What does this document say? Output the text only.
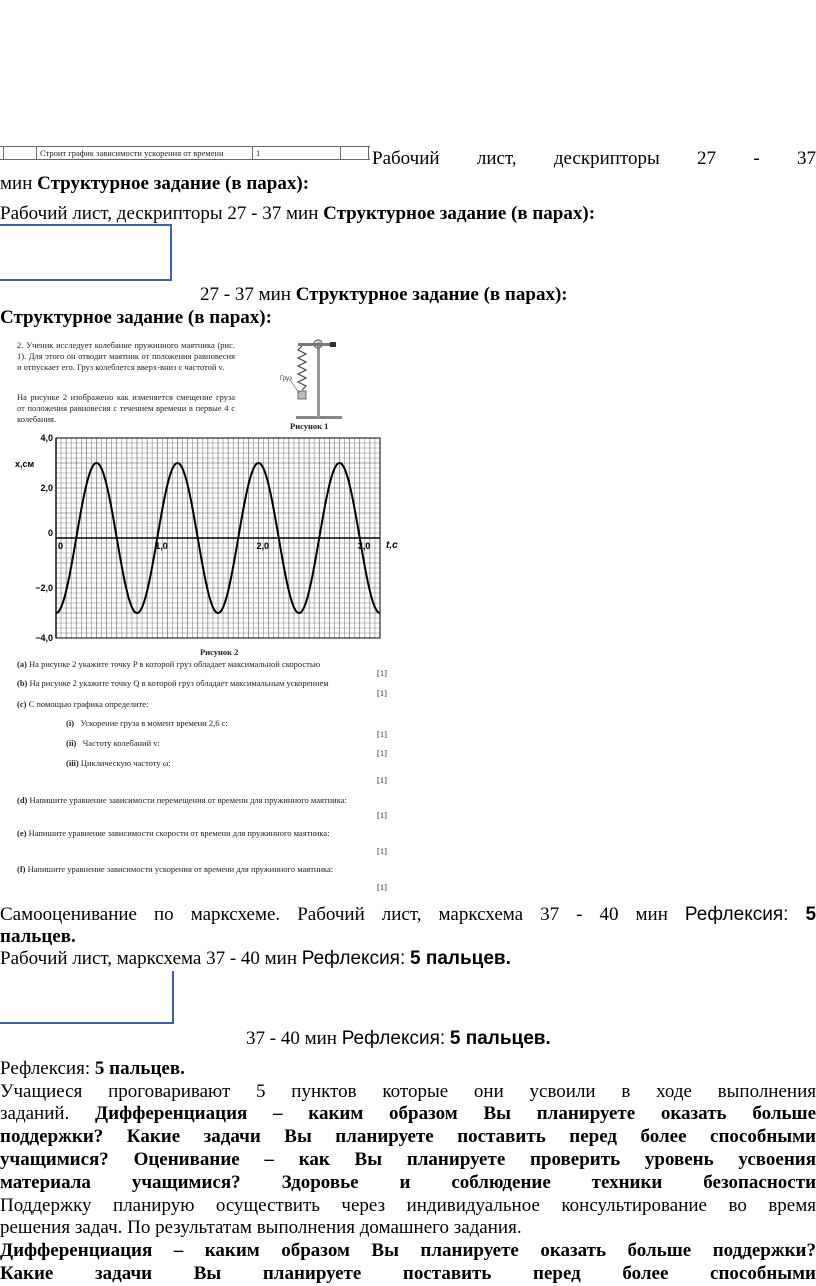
Строит график зависимости ускорения от времени	1	Рабочий лист, дескрипторы 27 - 37
мин Структурное задание (в парах):
Рабочий лист, дескрипторы 27 - 37 мин Структурное задание (в парах):
27 - 37 мин Структурное задание (в парах):
Структурное задание (в парах):
2. Ученик исследует колебание пружинного маятника (рис. 1). Для этого он отводит маятник от положения равновесия и отпускает его. Груз колеблется вверх-вниз с частотой v.
На рисунке 2 изображено как изменяется смещение груза от положения равновесия с течением времени в первые 4 с колебания.
Груз
Рисунок 1
4,0
2,0
0
−2,0
−4,0
0	1,0	2,0	3,0
x,см
t,с
Рисунок 2
(a) На рисунке 2 укажите точку P в которой груз обладает максимальной скоростью
[1]
(b) На рисунке 2 укажите точку Q в которой груз обладает максимальным ускорением
[1]
(c) С помощью графика определите:
(i) Ускорение груза в момент времени 2,6 с:
[1]
(ii) Частоту колебаний v:
[1]
(iii) Циклическую частоту ω:
[1]
(d) Напишите уравнение зависимости перемещения от времени для пружинного маятника:
[1]
(e) Напишите уравнение зависимости скорости от времени для пружинного маятника:
[1]
(f) Напишите уравнение зависимости ускорения от времени для пружинного маятника:
[1]
Самооценивание по марксхеме. Рабочий лист, марксхема 37 - 40 мин Рефлексия: 5
пальцев.
Рабочий лист, марксхема 37 - 40 мин Рефлексия: 5 пальцев.
37 - 40 мин Рефлексия: 5 пальцев.
Рефлексия: 5 пальцев.
Учащиеся проговаривают 5 пунктов которые они усвоили в ходе выполнения
заданий. Дифференциация – каким образом Вы планируете оказать больше
поддержки? Какие задачи Вы планируете поставить перед более способными
учащимися? Оценивание – как Вы планируете проверить уровень усвоения
материала учащимися? Здоровье и соблюдение техники безопасности
Поддержку планирую осуществить через индивидуальное консультирование во время
решения задач. По результатам выполнения домашнего задания.
Дифференциация – каким образом Вы планируете оказать больше поддержки?
Какие задачи Вы планируете поставить перед более способными
